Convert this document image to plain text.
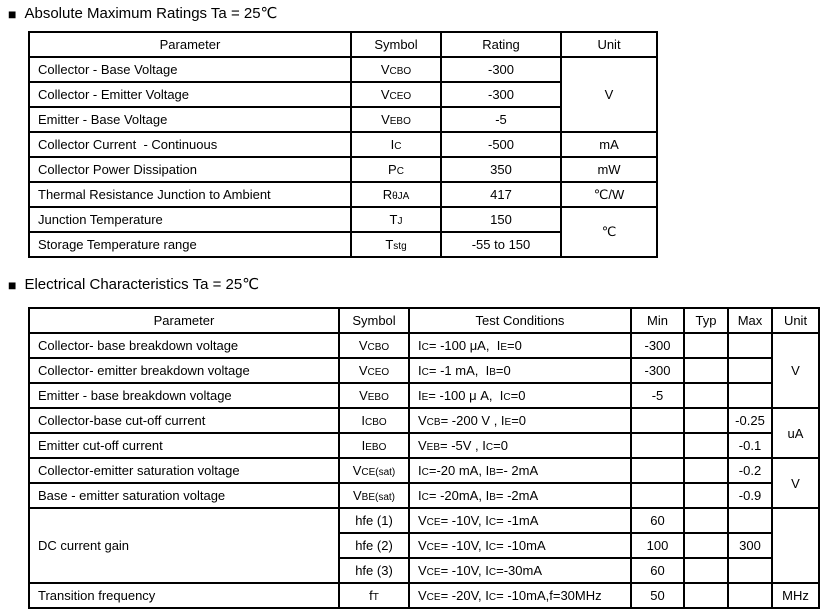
■ Absolute Maximum Ratings Ta = 25℃
Parameter	Symbol	Rating	Unit
Collector - Base Voltage	VCBO	-300	V
Collector - Emitter Voltage	VCEO	-300	
Emitter - Base Voltage	VEBO	-5	
Collector Current  - Continuous	IC	-500	mA
Collector Power Dissipation	PC	350	mW
Thermal Resistance Junction to Ambient	RθJA	417	℃/W
Junction Temperature	TJ	150	℃
Storage Temperature range	Tstg	-55 to 150	
■ Electrical Characteristics Ta = 25℃
Parameter	Symbol	Test Conditions	Min	Typ	Max	Unit
Collector- base breakdown voltage	VCBO	IC= -100 μA,  IE=0	-300			V
Collector- emitter breakdown voltage	VCEO	IC= -1 mA,  IB=0	-300			
Emitter - base breakdown voltage	VEBO	IE= -100 μ A,  IC=0	-5			
Collector-base cut-off current	ICBO	VCB= -200 V , IE=0			-0.25	uA
Emitter cut-off current	IEBO	VEB= -5V , IC=0			-0.1	
Collector-emitter saturation voltage	VCE(sat)	IC=-20 mA, IB=- 2mA			-0.2	V
Base - emitter saturation voltage	VBE(sat)	IC= -20mA, IB= -2mA			-0.9	
DC current gain	hfe (1)	VCE= -10V, IC= -1mA	60			
	hfe (2)	VCE= -10V, IC= -10mA	100		300	
	hfe (3)	VCE= -10V, IC=-30mA	60			
Transition frequency	fT	VCE= -20V, IC= -10mA,f=30MHz	50			MHz
